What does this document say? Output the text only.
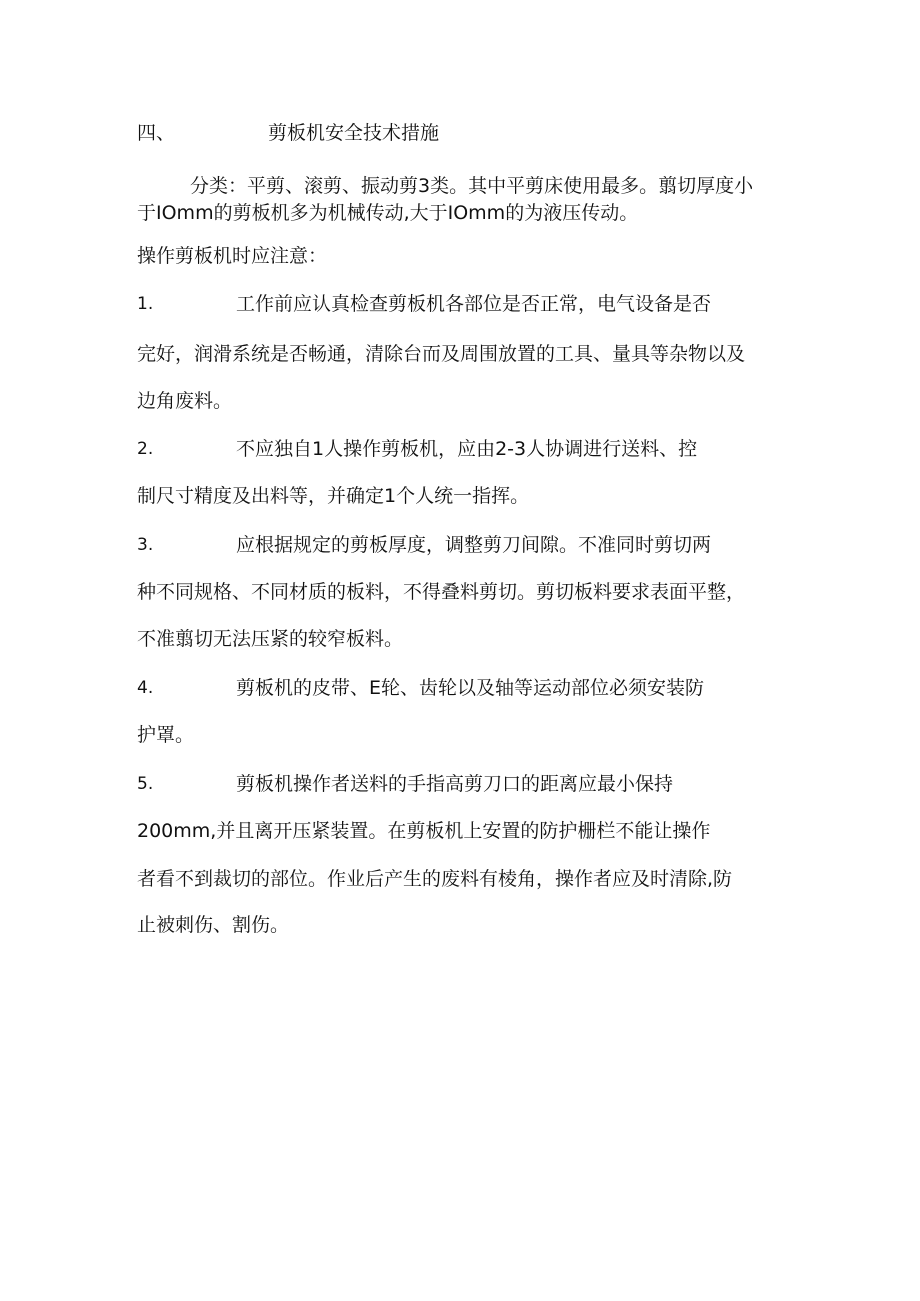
四、	剪板机安全技术措施
分类：平剪、滚剪、振动剪3类。其中平剪床使用最多。翦切厚度小
于IOmm的剪板机多为机械传动,大于IOmm的为液压传动。
操作剪板机时应注意：
1.	工作前应认真检查剪板机各部位是否正常，电气设备是否
完好，润滑系统是否畅通，清除台而及周围放置的工具、量具等杂物以及
边角废料。
2.	不应独自1人操作剪板机，应由2-3人协调进行送料、控
制尺寸精度及出料等，并确定1个人统一指挥。
3.	应根据规定的剪板厚度，调整剪刀间隙。不准同时剪切两
种不同规格、不同材质的板料，不得叠料剪切。剪切板料要求表面平整，
不准翦切无法压紧的较窄板料。
4.	剪板机的皮带、E轮、齿轮以及轴等运动部位必须安装防
护罩。
5.	剪板机操作者送料的手指高剪刀口的距离应最小保持
200mm,并且离开压紧装置。在剪板机上安置的防护栅栏不能让操作
者看不到裁切的部位。作业后产生的废料有棱角，操作者应及时清除,防
止被刺伤、割伤。
